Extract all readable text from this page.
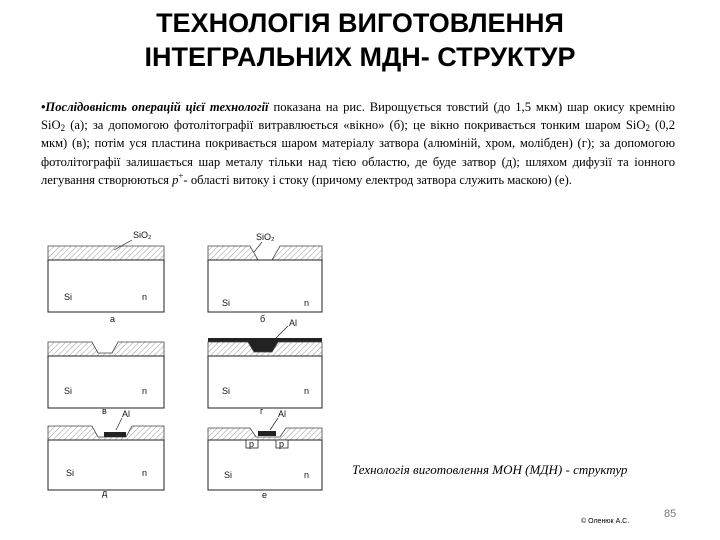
ТЕХНОЛОГІЯ ВИГОТОВЛЕННЯ
ІНТЕГРАЛЬНИХ МДН- СТРУКТУР
•Послідовність операцій цієї технології показана на рис. Вирощується товстий (до 1,5 мкм) шар окису кремнію SiO$_2$ (а); за допомогою фотолітографії витравлюється «вікно» (б); це вікно покривається тонким шаром SiO$_2$ (0,2 мкм) (в); потім уся пластина покривається шаром матеріалу затвора (алюміній, хром, молібден) (г); за допомогою фотолітографії залишається шар металу тільки над тією областю, де буде затвор (д); шляхом дифузії та іонного легування створюються p+- області витоку і стоку (причому електрод затвора служить маскою) (е).
SiO₂
Si	n
а
SiO₂
Si	n
б
Si	n
в
Al
Si	n
г
Al
Si	n
д
p	p
Al
Si	n
е
Технологія виготовлення МОН (МДН) - структур
85
© Оленюк А.С.
